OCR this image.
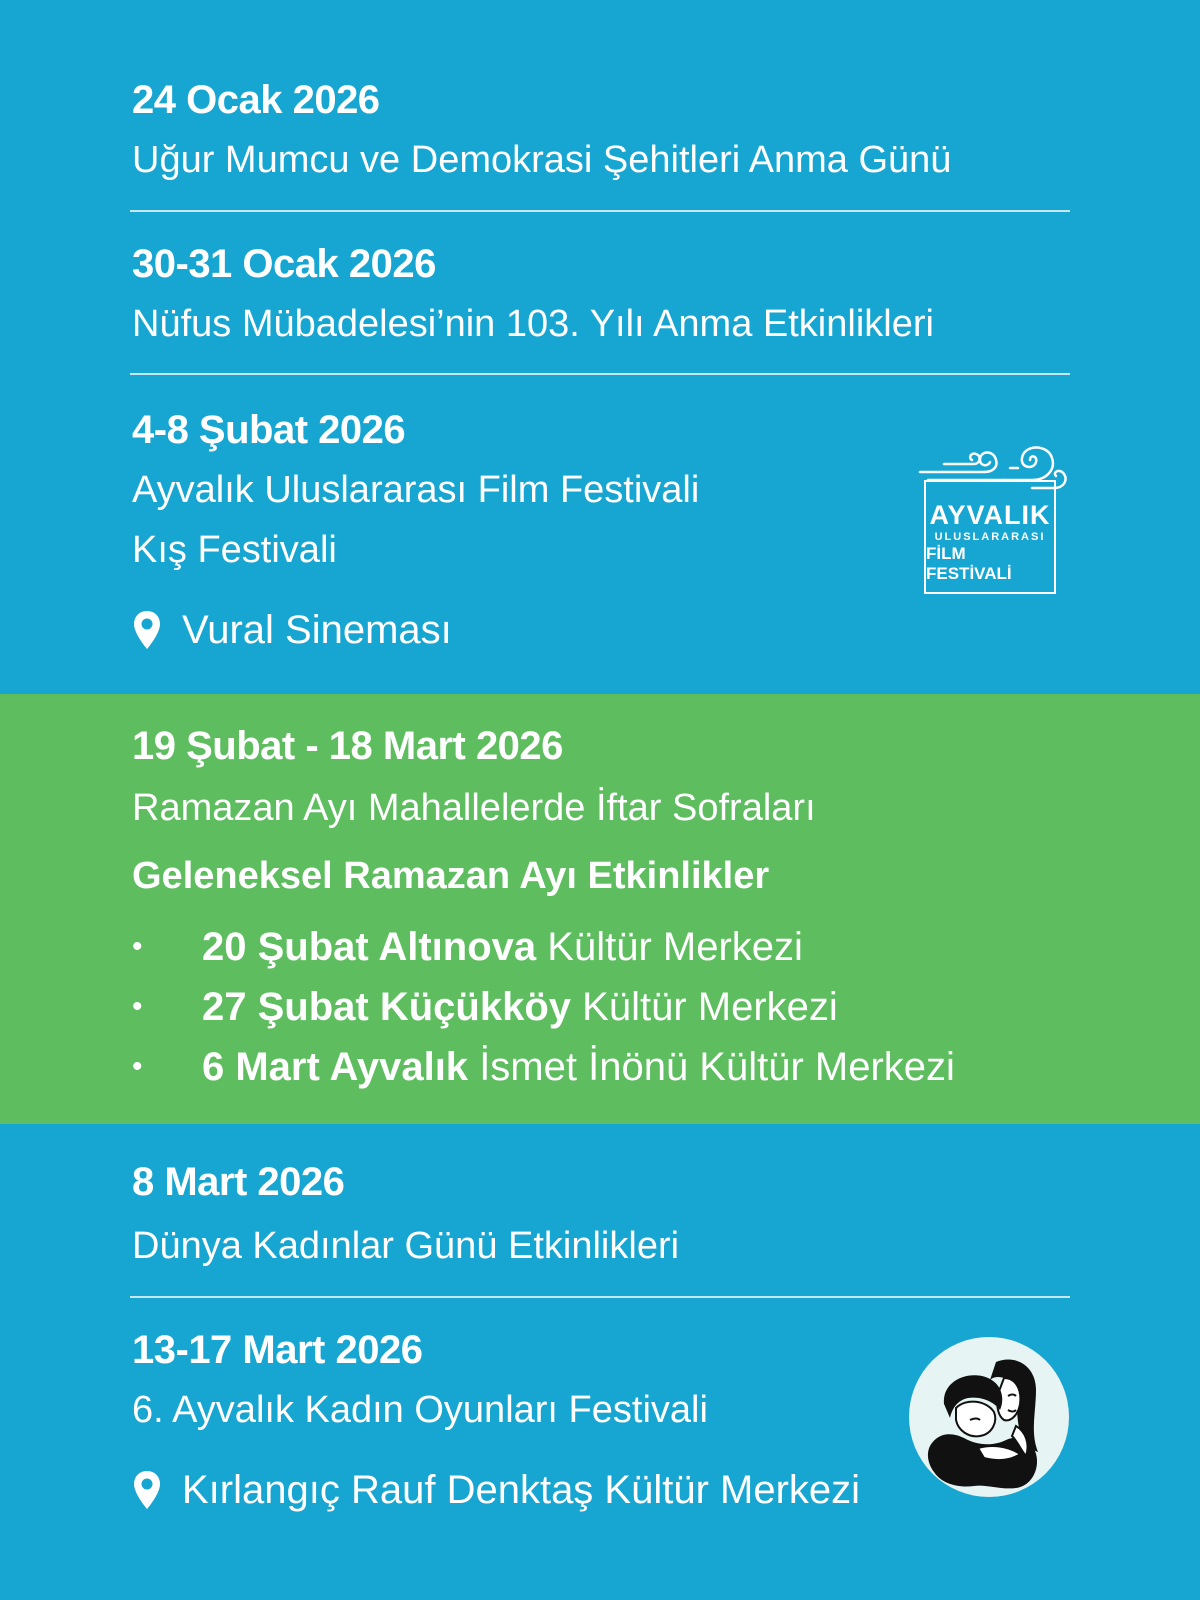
24 Ocak 2026
Uğur Mumcu ve Demokrasi Şehitleri Anma Günü
30-31 Ocak 2026
Nüfus Mübadelesi’nin 103. Yılı Anma Etkinlikleri
4-8 Şubat 2026
Ayvalık Uluslararası Film Festivali
Kış Festivali
Vural Sineması
AYVALIK
ULUSLARARASI
FİLM FESTİVALİ
19 Şubat - 18 Mart 2026
Ramazan Ayı Mahallelerde İftar Sofraları
Geleneksel Ramazan Ayı Etkinlikler
•	20 Şubat Altınova
Kültür Merkezi
•	27 Şubat Küçükköy
Kültür Merkezi
•	6 Mart Ayvalık
İsmet İnönü Kültür Merkezi
8 Mart 2026
Dünya Kadınlar Günü Etkinlikleri
13-17 Mart 2026
6. Ayvalık Kadın Oyunları Festivali
Kırlangıç Rauf Denktaş Kültür Merkezi
